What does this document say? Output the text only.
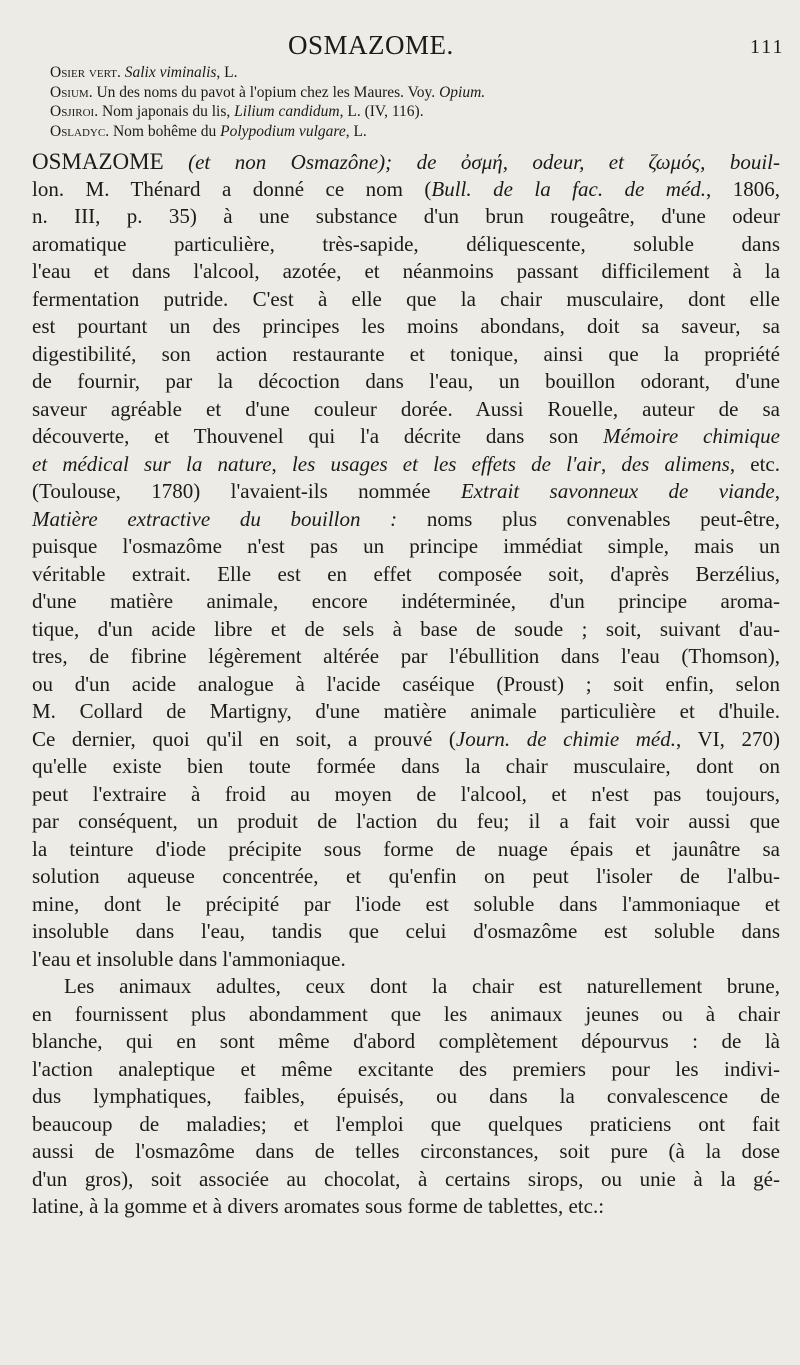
OSMAZOME.	111
Osier vert. Salix viminalis, L.
Osium. Un des noms du pavot à l'opium chez les Maures. Voy. Opium.
Osjiroi. Nom japonais du lis, Lilium candidum, L. (IV, 116).
Osladyc. Nom bohême du Polypodium vulgare, L.

OSMAZOME (et non Osmazône); de ὀσμή, odeur, et ζωμός, bouil-
lon. M. Thénard a donné ce nom (Bull. de la fac. de méd., 1806,
n. III, p. 35) à une substance d'un brun rougeâtre, d'une odeur
aromatique particulière, très-sapide, déliquescente, soluble dans
l'eau et dans l'alcool, azotée, et néanmoins passant difficilement à la
fermentation putride. C'est à elle que la chair musculaire, dont elle
est pourtant un des principes les moins abondans, doit sa saveur, sa
digestibilité, son action restaurante et tonique, ainsi que la propriété
de fournir, par la décoction dans l'eau, un bouillon odorant, d'une
saveur agréable et d'une couleur dorée. Aussi Rouelle, auteur de sa
découverte, et Thouvenel qui l'a décrite dans son Mémoire chimique
et médical sur la nature, les usages et les effets de l'air, des alimens, etc.
(Toulouse, 1780) l'avaient-ils nommée Extrait savonneux de viande,
Matière extractive du bouillon : noms plus convenables peut-être,
puisque l'osmazôme n'est pas un principe immédiat simple, mais un
véritable extrait. Elle est en effet composée soit, d'après Berzélius,
d'une matière animale, encore indéterminée, d'un principe aroma-
tique, d'un acide libre et de sels à base de soude ; soit, suivant d'au-
tres, de fibrine légèrement altérée par l'ébullition dans l'eau (Thomson),
ou d'un acide analogue à l'acide caséique (Proust) ; soit enfin, selon
M. Collard de Martigny, d'une matière animale particulière et d'huile.
Ce dernier, quoi qu'il en soit, a prouvé (Journ. de chimie méd., VI, 270)
qu'elle existe bien toute formée dans la chair musculaire, dont on
peut l'extraire à froid au moyen de l'alcool, et n'est pas toujours,
par conséquent, un produit de l'action du feu; il a fait voir aussi que
la teinture d'iode précipite sous forme de nuage épais et jaunâtre sa
solution aqueuse concentrée, et qu'enfin on peut l'isoler de l'albu-
mine, dont le précipité par l'iode est soluble dans l'ammoniaque et
insoluble dans l'eau, tandis que celui d'osmazôme est soluble dans
l'eau et insoluble dans l'ammoniaque.

Les animaux adultes, ceux dont la chair est naturellement brune,
en fournissent plus abondamment que les animaux jeunes ou à chair
blanche, qui en sont même d'abord complètement dépourvus : de là
l'action analeptique et même excitante des premiers pour les indivi-
dus lymphatiques, faibles, épuisés, ou dans la convalescence de
beaucoup de maladies; et l'emploi que quelques praticiens ont fait
aussi de l'osmazôme dans de telles circonstances, soit pure (à la dose
d'un gros), soit associée au chocolat, à certains sirops, ou unie à la gé-
latine, à la gomme et à divers aromates sous forme de tablettes, etc.:
